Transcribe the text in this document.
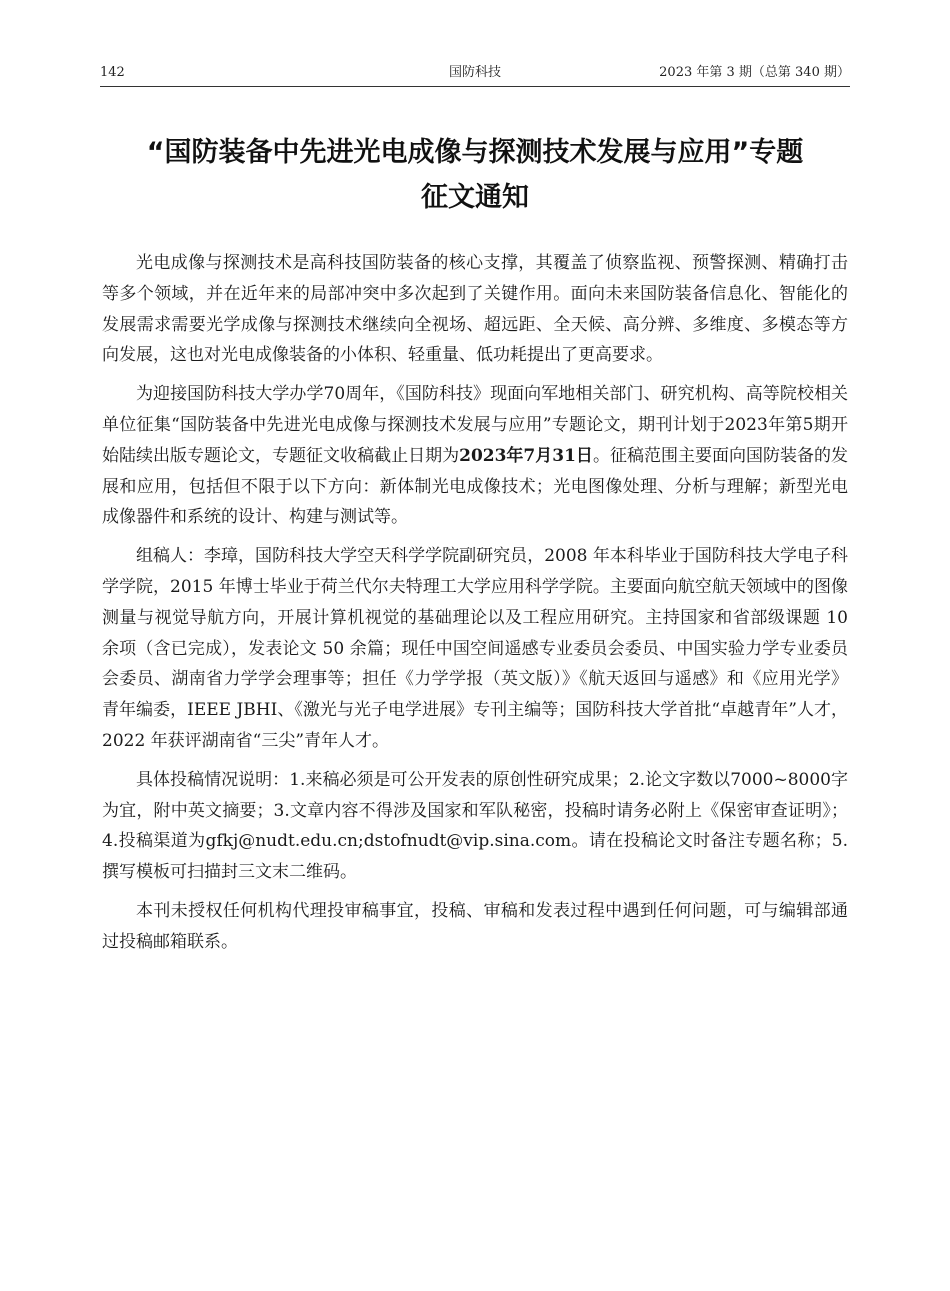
142	国防科技	2023 年第 3 期（总第 340 期）
“国防装备中先进光电成像与探测技术发展与应用”专题
征文通知

光电成像与探测技术是高科技国防装备的核心支撑，其覆盖了侦察监视、预警探测、精确打击等多个领域，并在近年来的局部冲突中多次起到了关键作用。面向未来国防装备信息化、智能化的发展需求需要光学成像与探测技术继续向全视场、超远距、全天候、高分辨、多维度、多模态等方向发展，这也对光电成像装备的小体积、轻重量、低功耗提出了更高要求。

为迎接国防科技大学办学70周年，《国防科技》现面向军地相关部门、研究机构、高等院校相关单位征集“国防装备中先进光电成像与探测技术发展与应用”专题论文，期刊计划于2023年第5期开始陆续出版专题论文，专题征文收稿截止日期为2023年7月31日。征稿范围主要面向国防装备的发展和应用，包括但不限于以下方向：新体制光电成像技术；光电图像处理、分析与理解；新型光电成像器件和系统的设计、构建与测试等。

组稿人：李璋，国防科技大学空天科学学院副研究员，2008 年本科毕业于国防科技大学电子科学学院，2015 年博士毕业于荷兰代尔夫特理工大学应用科学学院。主要面向航空航天领域中的图像测量与视觉导航方向，开展计算机视觉的基础理论以及工程应用研究。主持国家和省部级课题 10 余项（含已完成），发表论文 50 余篇；现任中国空间遥感专业委员会委员、中国实验力学专业委员会委员、湖南省力学学会理事等；担任《力学学报（英文版）》《航天返回与遥感》和《应用光学》青年编委，IEEE JBHI、《激光与光子电学进展》专刊主编等；国防科技大学首批“卓越青年”人才，2022 年获评湖南省“三尖”青年人才。

具体投稿情况说明：1.来稿必须是可公开发表的原创性研究成果；2.论文字数以7000~8000字为宜，附中英文摘要；3.文章内容不得涉及国家和军队秘密，投稿时请务必附上《保密审查证明》；4.投稿渠道为gfkj@nudt.edu.cn;dstofnudt@vip.sina.com。请在投稿论文时备注专题名称；5.撰写模板可扫描封三文末二维码。

本刊未授权任何机构代理投审稿事宜，投稿、审稿和发表过程中遇到任何问题，可与编辑部通过投稿邮箱联系。
